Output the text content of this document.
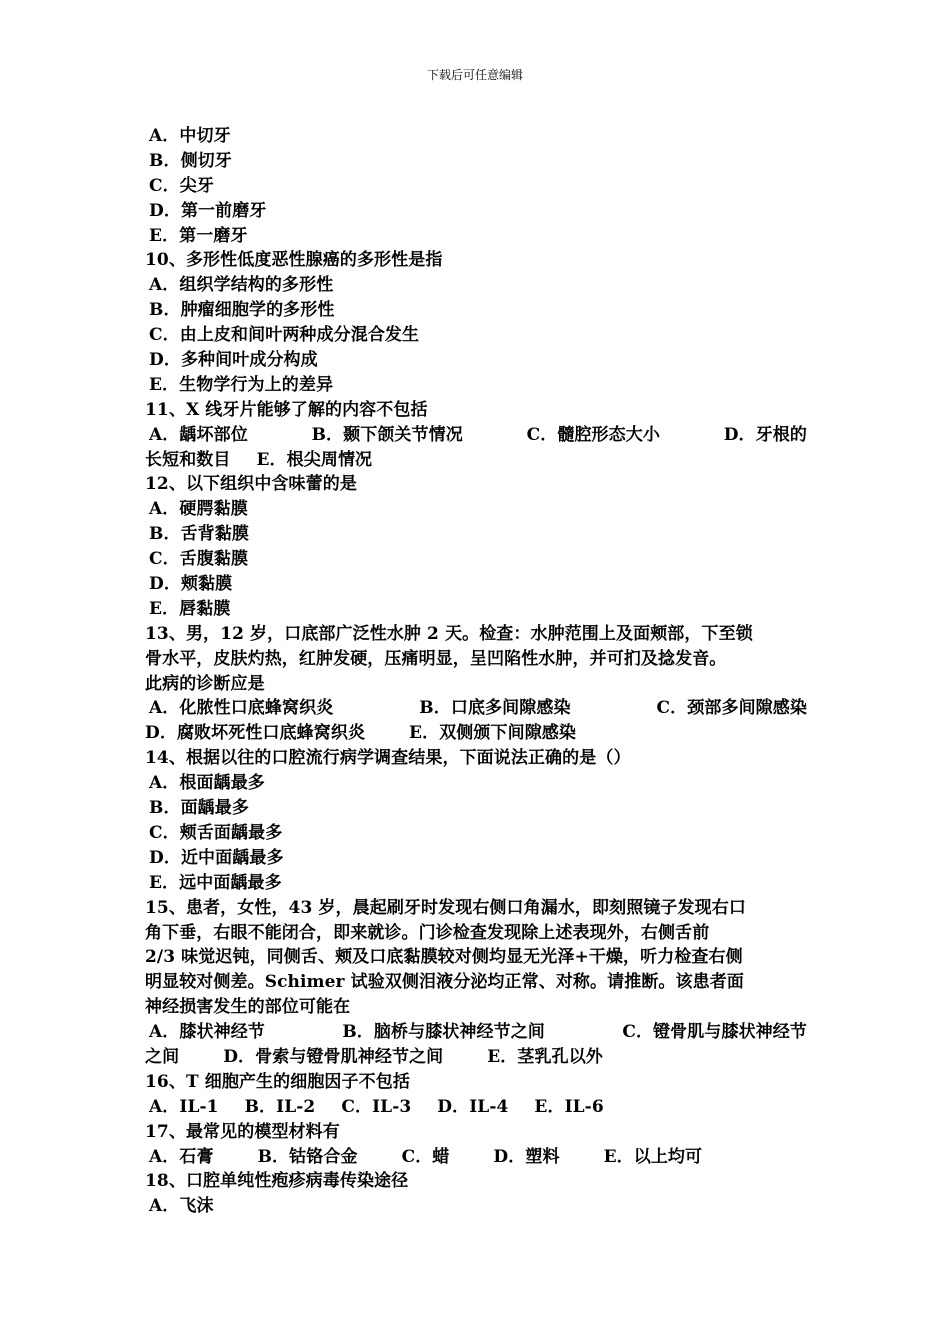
下载后可任意编辑
A．中切牙
B．侧切牙
C．尖牙
D．第一前磨牙
E．第一磨牙
10、多形性低度恶性腺癌的多形性是指
A．组织学结构的多形性
B．肿瘤细胞学的多形性
C．由上皮和间叶两种成分混合发生
D．多种间叶成分构成
E．生物学行为上的差异
11、X 线牙片能够了解的内容不包括
A．龋坏部位	B．颞下颌关节情况	C．髓腔形态大小	D．牙根的
长短和数目 E．根尖周情况
12、以下组织中含味蕾的是
A．硬腭黏膜
B．舌背黏膜
C．舌腹黏膜
D．颊黏膜
E．唇黏膜
13、男，12 岁，口底部广泛性水肿 2 天。检查：水肿范围上及面颊部，下至锁
骨水平，皮肤灼热，红肿发硬，压痛明显，呈凹陷性水肿，并可扪及捻发音。
此病的诊断应是
A．化脓性口底蜂窝织炎	B．口底多间隙感染	C．颈部多间隙感染
D．腐败坏死性口底蜂窝织炎	E．双侧颁下间隙感染
14、根据以往的口腔流行病学调查结果，下面说法正确的是（）
A．根面龋最多
B．面龋最多
C．颊舌面龋最多
D．近中面龋最多
E．远中面龋最多
15、患者，女性，43 岁，晨起刷牙时发现右侧口角漏水，即刻照镜子发现右口
角下垂，右眼不能闭合，即来就诊。门诊检查发现除上述表现外，右侧舌前
2/3 味觉迟钝，同侧舌、颊及口底黏膜较对侧均显无光泽+干燥，听力检查右侧
明显较对侧差。Schimer 试验双侧泪液分泌均正常、对称。请推断。该患者面
神经损害发生的部位可能在
A．膝状神经节	B．脑桥与膝状神经节之间	C．镫骨肌与膝状神经节
之间	D．骨索与镫骨肌神经节之间	E．茎乳孔以外
16、T 细胞产生的细胞因子不包括
A．IL-1 B．IL-2 C．IL-3 D．IL-4 E．IL-6
17、最常见的模型材料有
A．石膏	B．钴铬合金	C．蜡	D．塑料	E．以上均可
18、口腔单纯性疱疹病毒传染途径
A．飞沫
